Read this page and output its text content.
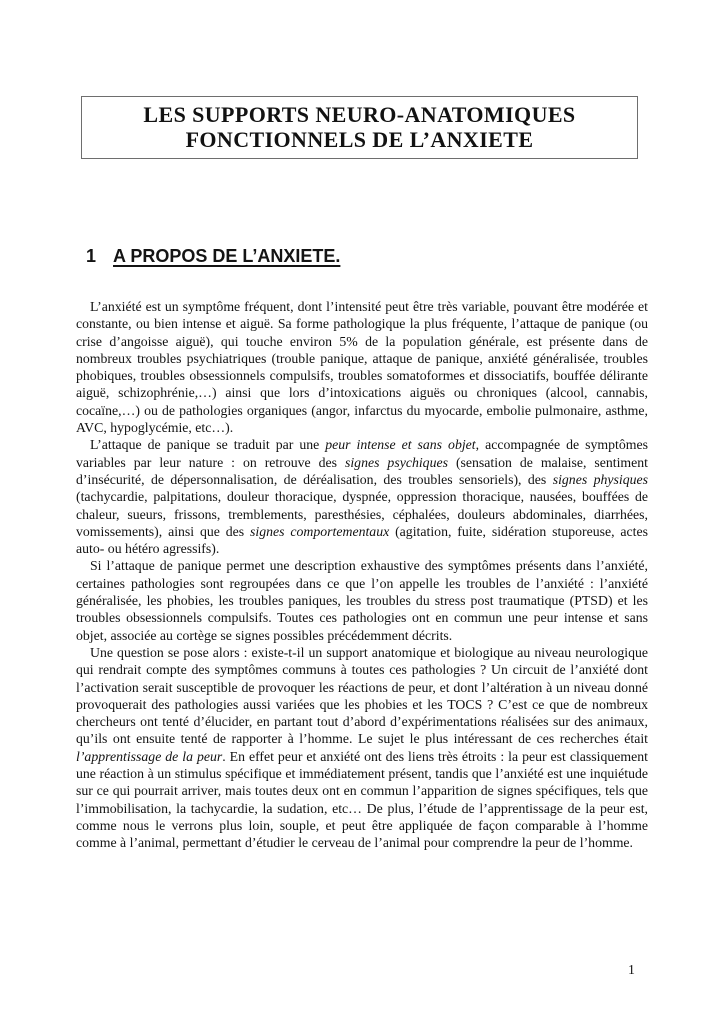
LES SUPPORTS NEURO-ANATOMIQUES
FONCTIONNELS DE L’ANXIETE
1 A PROPOS DE L’ANXIETE.

L’anxiété est un symptôme fréquent, dont l’intensité peut être très variable, pouvant être modérée et constante, ou bien intense et aiguë. Sa forme pathologique la plus fréquente, l’attaque de panique (ou crise d’angoisse aiguë), qui touche environ 5% de la population générale, est présente dans de nombreux troubles psychiatriques (trouble panique, attaque de panique, anxiété généralisée, troubles phobiques, troubles obsessionnels compulsifs, troubles somatoformes et dissociatifs, bouffée délirante aiguë, schizophrénie,…) ainsi que lors d’intoxications aiguës ou chroniques (alcool, cannabis, cocaïne,…) ou de pathologies organiques (angor, infarctus du myocarde, embolie pulmonaire, asthme, AVC, hypoglycémie, etc…).

L’attaque de panique se traduit par une peur intense et sans objet, accompagnée de symptômes variables par leur nature : on retrouve des signes psychiques (sensation de malaise, sentiment d’insécurité, de dépersonnalisation, de déréalisation, des troubles sensoriels), des signes physiques (tachycardie, palpitations, douleur thoracique, dyspnée, oppression thoracique, nausées, bouffées de chaleur, sueurs, frissons, tremblements, paresthésies, céphalées, douleurs abdominales, diarrhées, vomissements), ainsi que des signes comportementaux (agitation, fuite, sidération stuporeuse, actes auto- ou hétéro agressifs).

Si l’attaque de panique permet une description exhaustive des symptômes présents dans l’anxiété, certaines pathologies sont regroupées dans ce que l’on appelle les troubles de l’anxiété : l’anxiété généralisée, les phobies, les troubles paniques, les troubles du stress post traumatique (PTSD) et les troubles obsessionnels compulsifs. Toutes ces pathologies ont en commun une peur intense et sans objet, associée au cortège se signes possibles précédemment décrits.

Une question se pose alors : existe-t-il un support anatomique et biologique au niveau neurologique qui rendrait compte des symptômes communs à toutes ces pathologies ? Un circuit de l’anxiété dont l’activation serait susceptible de provoquer les réactions de peur, et dont l’altération à un niveau donné provoquerait des pathologies aussi variées que les phobies et les TOCS ? C’est ce que de nombreux chercheurs ont tenté d’élucider, en partant tout d’abord d’expérimentations réalisées sur des animaux, qu’ils ont ensuite tenté de rapporter à l’homme. Le sujet le plus intéressant de ces recherches était l’apprentissage de la peur. En effet peur et anxiété ont des liens très étroits : la peur est classiquement une réaction à un stimulus spécifique et immédiatement présent, tandis que l’anxiété est une inquiétude sur ce qui pourrait arriver, mais toutes deux ont en commun l’apparition de signes spécifiques, tels que l’immobilisation, la tachycardie, la sudation, etc… De plus, l’étude de l’apprentissage de la peur est, comme nous le verrons plus loin, souple, et peut être appliquée de façon comparable à l’homme comme à l’animal, permettant d’étudier le cerveau de l’animal pour comprendre la peur de l’homme.

1
